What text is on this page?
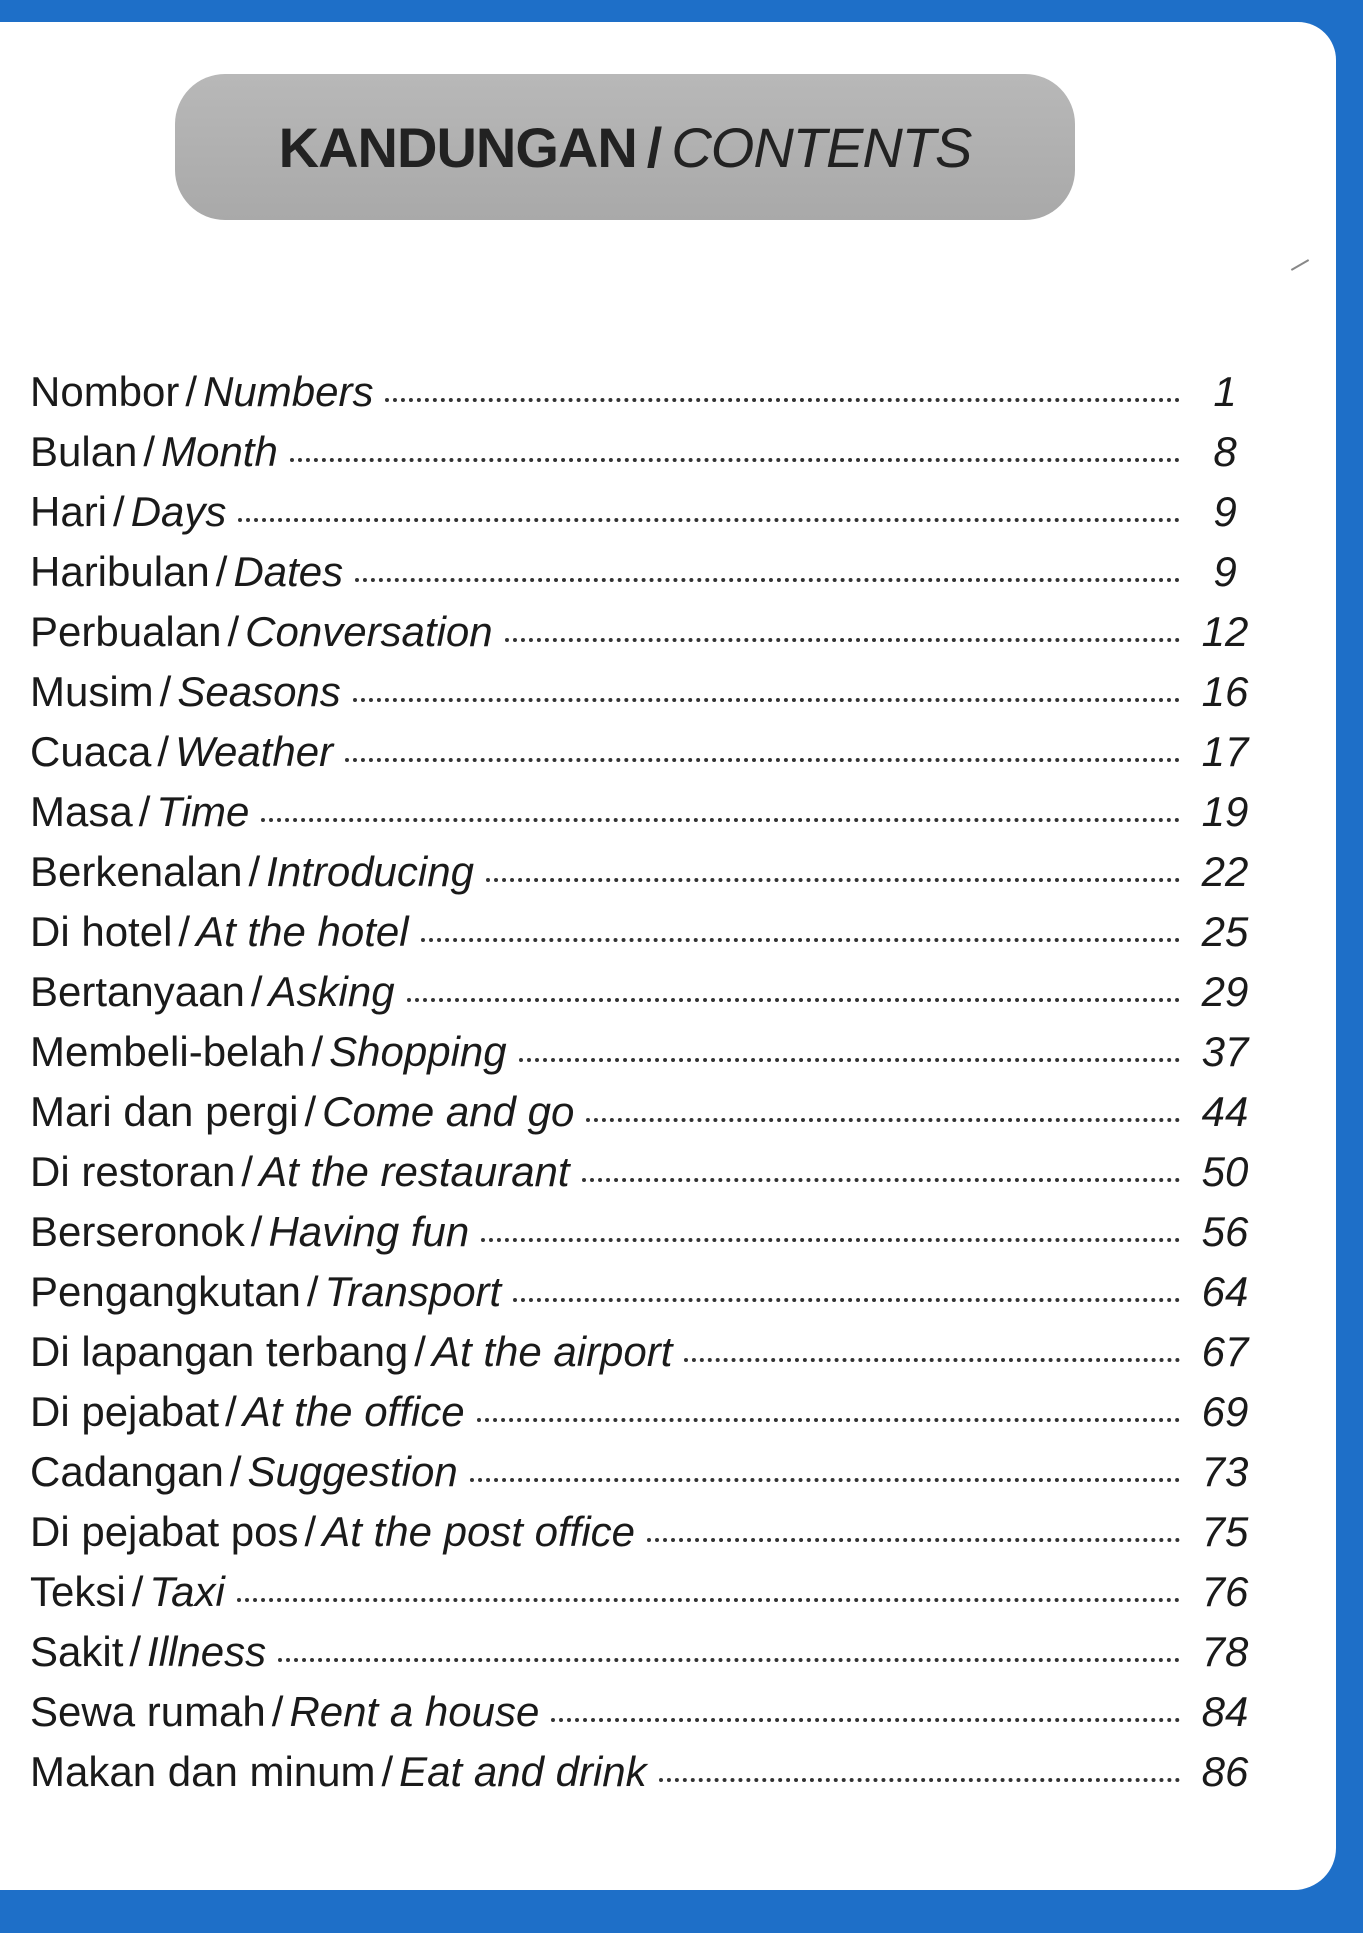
KANDUNGAN / CONTENTS
Nombor / Numbers	1
Bulan / Month	8
Hari / Days	9
Haribulan / Dates	9
Perbualan / Conversation	12
Musim / Seasons	16
Cuaca / Weather	17
Masa / Time	19
Berkenalan / Introducing	22
Di hotel / At the hotel	25
Bertanyaan / Asking	29
Membeli-belah / Shopping	37
Mari dan pergi / Come and go	44
Di restoran / At the restaurant	50
Berseronok / Having fun	56
Pengangkutan / Transport	64
Di lapangan terbang / At the airport	67
Di pejabat / At the office	69
Cadangan / Suggestion	73
Di pejabat pos / At the post office	75
Teksi / Taxi	76
Sakit / Illness	78
Sewa rumah / Rent a house	84
Makan dan minum / Eat and drink	86
